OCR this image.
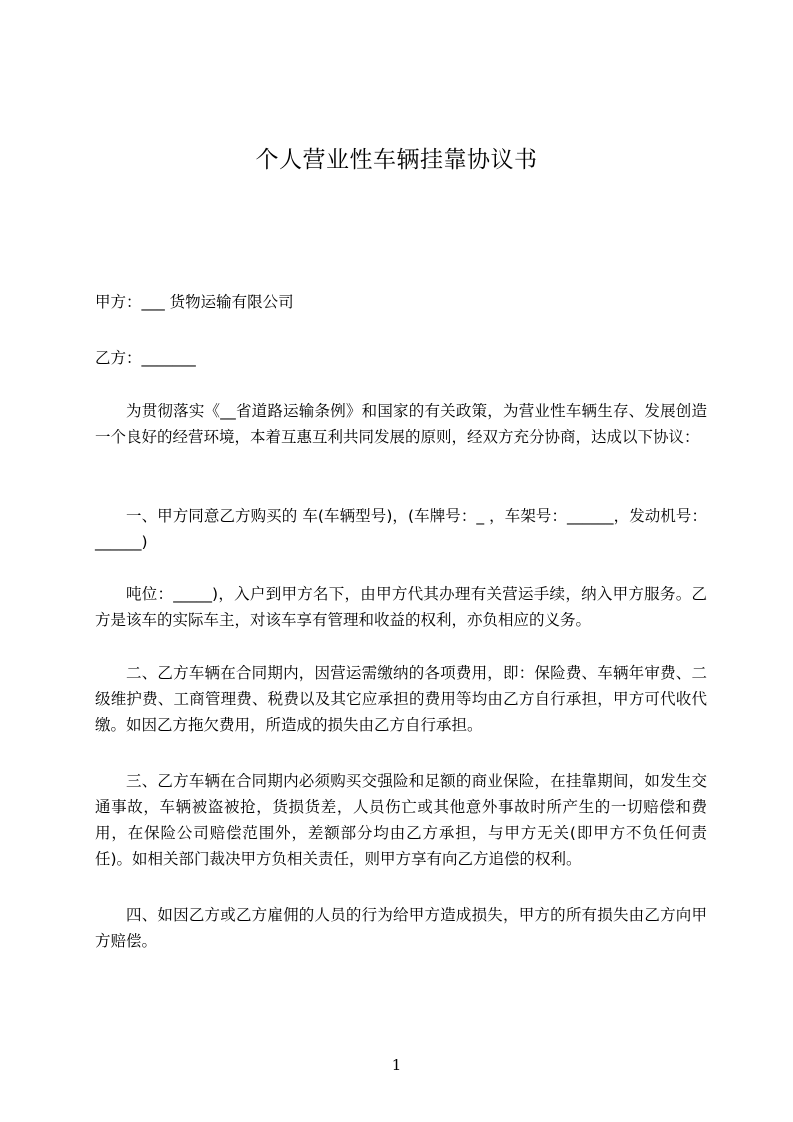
个人营业性车辆挂靠协议书
甲方：___ 货物运输有限公司
乙方：_______

为贯彻落实《__省道路运输条例》和国家的有关政策，为营业性车辆生存、发展创造一个良好的经营环境，本着互惠互利共同发展的原则，经双方充分协商，达成以下协议：

一、甲方同意乙方购买的 车(车辆型号)，(车牌号：_ ，车架号：______，发动机号：______)

吨位：_____)，入户到甲方名下，由甲方代其办理有关营运手续，纳入甲方服务。乙方是该车的实际车主，对该车享有管理和收益的权利，亦负相应的义务。

二、乙方车辆在合同期内，因营运需缴纳的各项费用，即：保险费、车辆年审费、二级维护费、工商管理费、税费以及其它应承担的费用等均由乙方自行承担，甲方可代收代缴。如因乙方拖欠费用，所造成的损失由乙方自行承担。

三、乙方车辆在合同期内必须购买交强险和足额的商业保险，在挂靠期间，如发生交通事故，车辆被盗被抢，货损货差，人员伤亡或其他意外事故时所产生的一切赔偿和费用，在保险公司赔偿范围外，差额部分均由乙方承担，与甲方无关(即甲方不负任何责任)。如相关部门裁决甲方负相关责任，则甲方享有向乙方追偿的权利。

四、如因乙方或乙方雇佣的人员的行为给甲方造成损失，甲方的所有损失由乙方向甲方赔偿。

1
